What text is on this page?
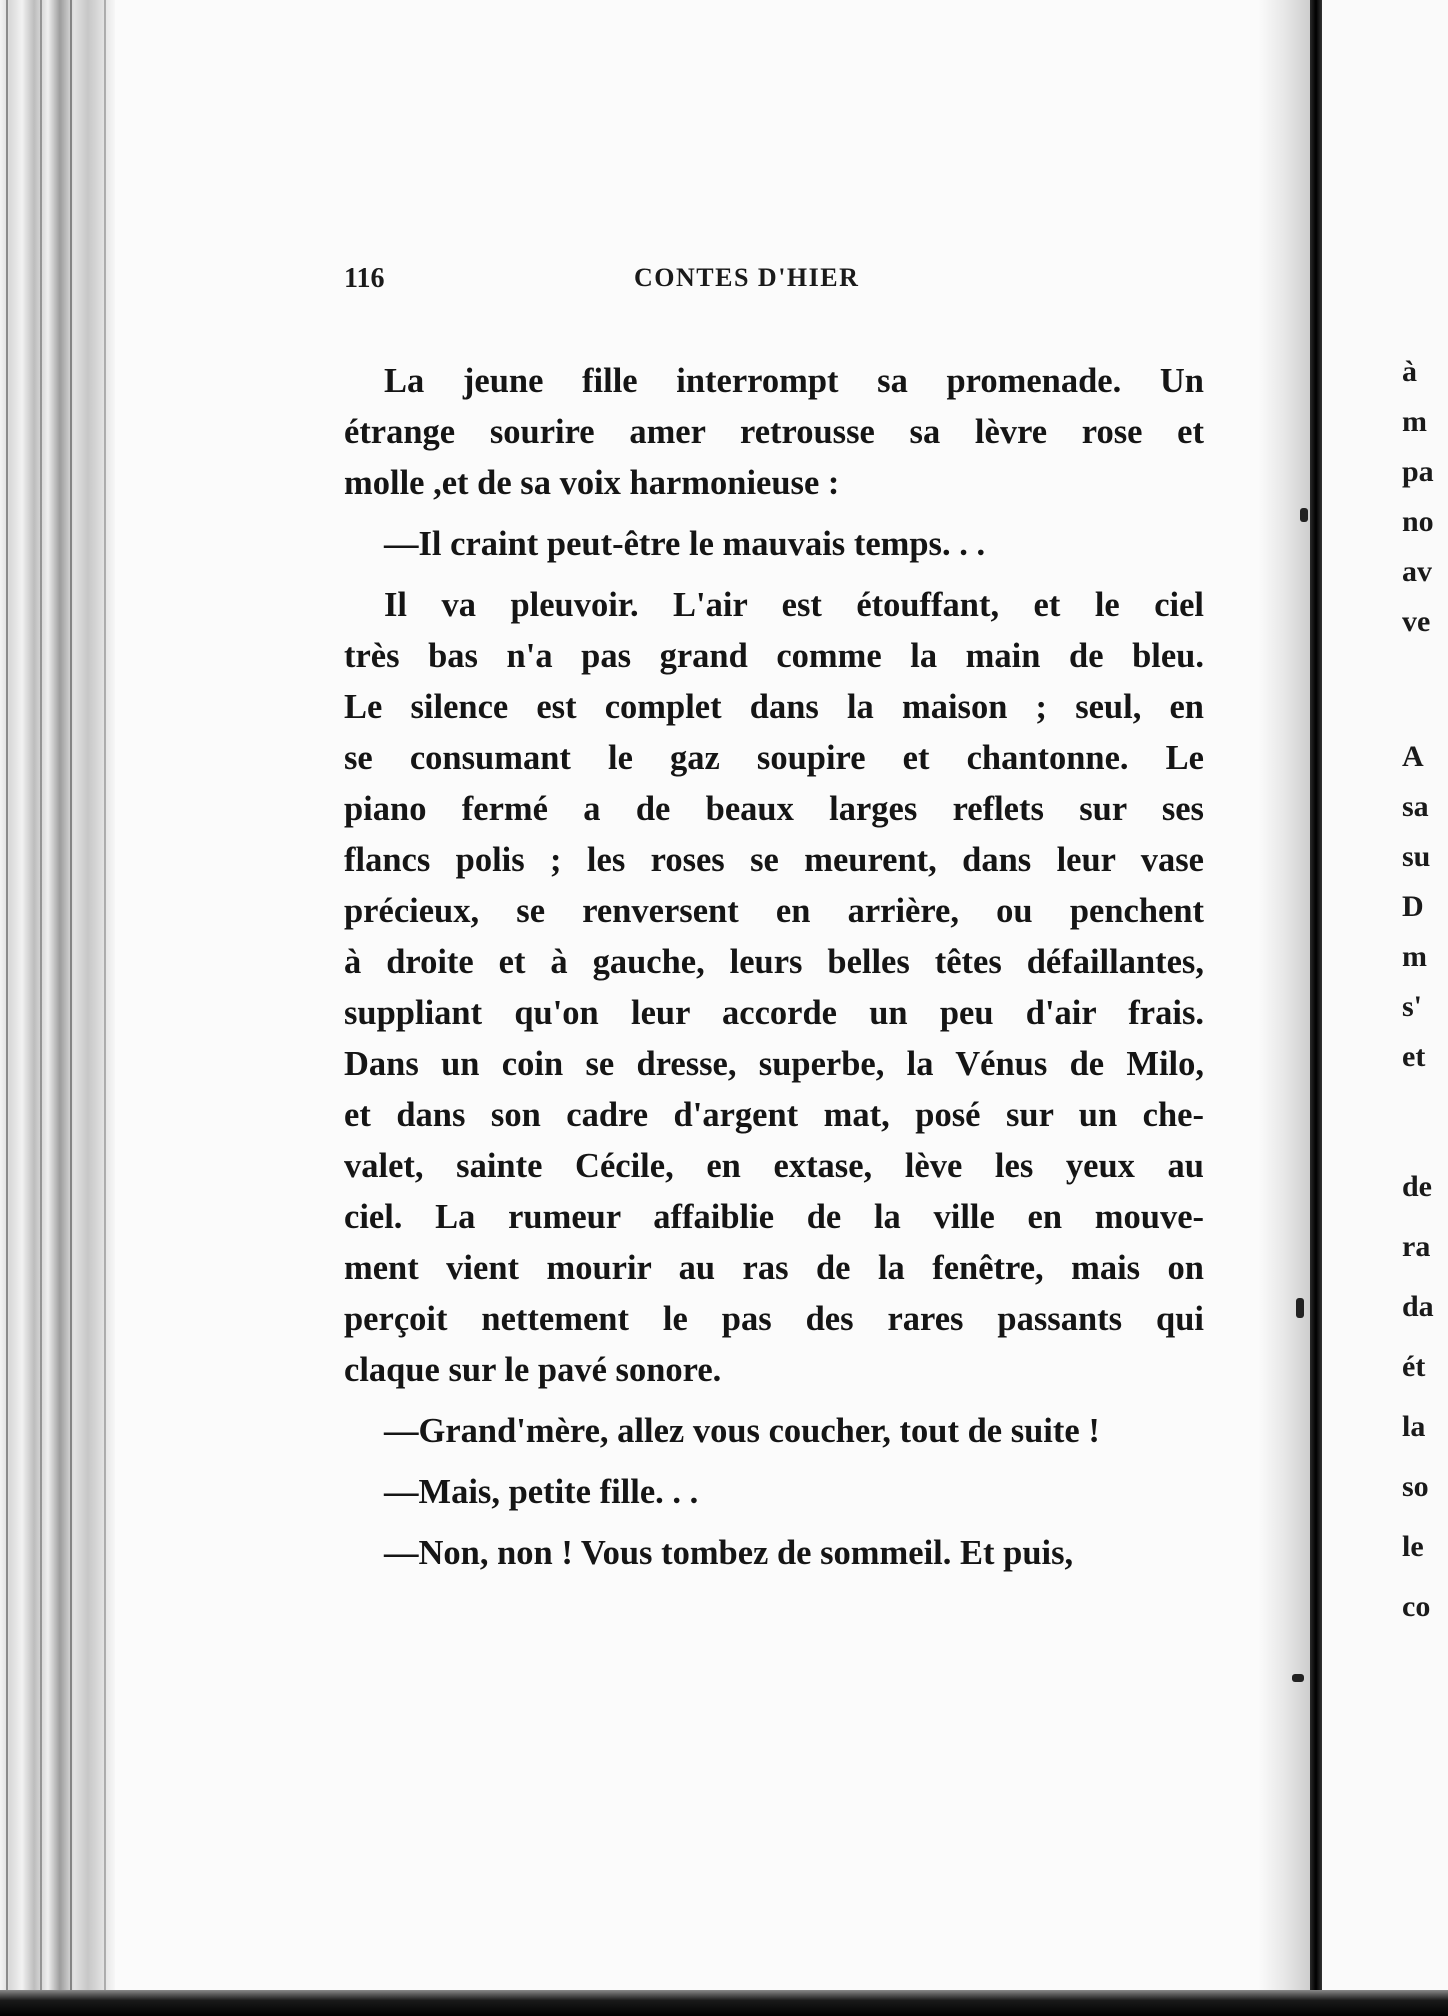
116	CONTES D'HIER

La jeune fille interrompt sa promenade. Un
étrange sourire amer retrousse sa lèvre rose et
molle ,et de sa voix harmonieuse :

—Il craint peut-être le mauvais temps. . .

Il va pleuvoir. L'air est étouffant, et le ciel
très bas n'a pas grand comme la main de bleu.
Le silence est complet dans la maison ; seul, en
se consumant le gaz soupire et chantonne. Le
piano fermé a de beaux larges reflets sur ses
flancs polis ; les roses se meurent, dans leur vase
précieux, se renversent en arrière, ou penchent
à droite et à gauche, leurs belles têtes défaillantes,
suppliant qu'on leur accorde un peu d'air frais.
Dans un coin se dresse, superbe, la Vénus de Milo,
et dans son cadre d'argent mat, posé sur un che-
valet, sainte Cécile, en extase, lève les yeux au
ciel. La rumeur affaiblie de la ville en mouve-
ment vient mourir au ras de la fenêtre, mais on
perçoit nettement le pas des rares passants qui
claque sur le pavé sonore.

—Grand'mère, allez vous coucher, tout de suite !

—Mais, petite fille. . .

—Non, non ! Vous tombez de sommeil. Et puis,

à
m
pa
no
av
ve
A
sa
su
D
m
s'
et
de
ra
da
ét
la
so
le
co
